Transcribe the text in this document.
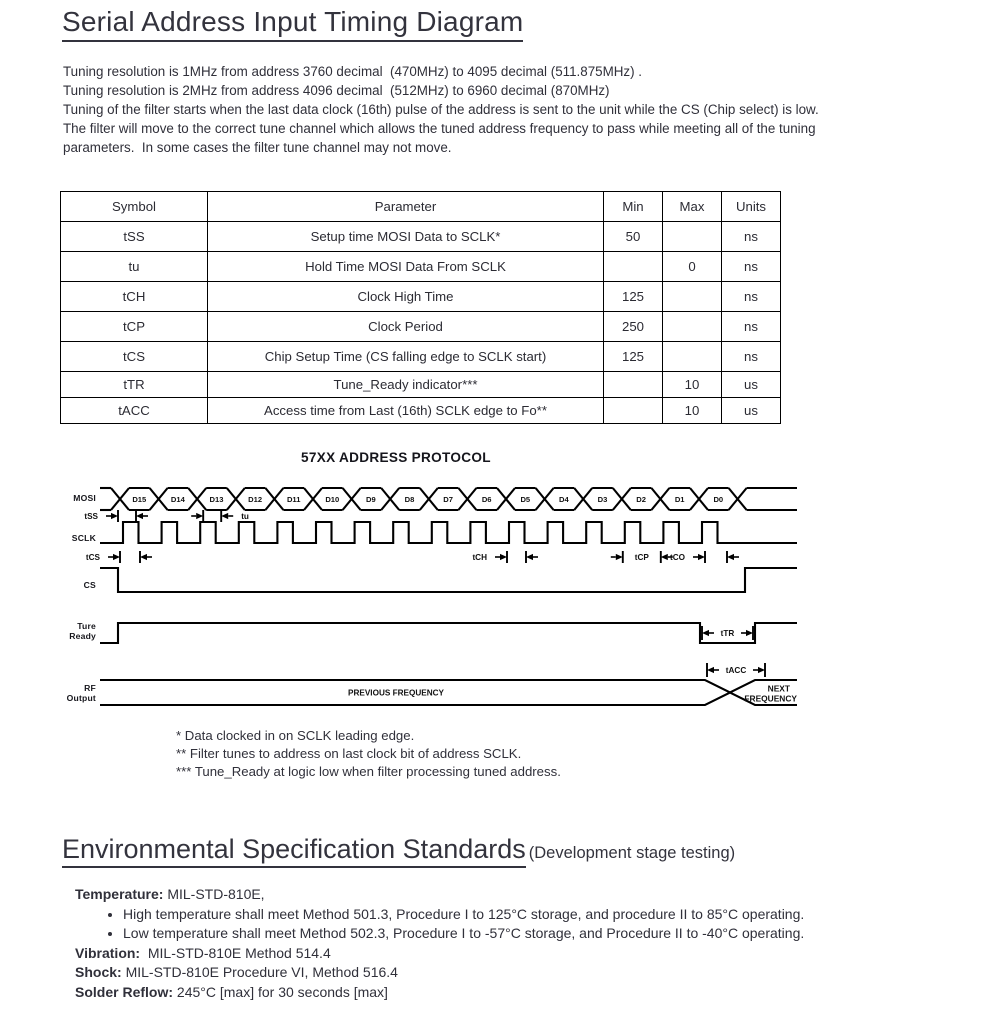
Serial Address Input Timing Diagram
Tuning resolution is 1MHz from address 3760 decimal  (470MHz) to 4095 decimal (511.875MHz) .
Tuning resolution is 2MHz from address 4096 decimal  (512MHz) to 6960 decimal (870MHz)
Tuning of the filter starts when the last data clock (16th) pulse of the address is sent to the unit while the CS (Chip select) is low.
The filter will move to the correct tune channel which allows the tuned address frequency to pass while meeting all of the tuning
parameters.  In some cases the filter tune channel may not move.
Symbol	Parameter	Min	Max	Units
tSS	Setup time MOSI Data to SCLK*	50		ns
tu	Hold Time MOSI Data From SCLK		0	ns
tCH	Clock High Time	125		ns
tCP	Clock Period	250		ns
tCS	Chip Setup Time (CS falling edge to SCLK start)	125		ns
tTR	Tune_Ready indicator***		10	us
tACC	Access time from Last (16th) SCLK edge to Fo**		10	us
57XX ADDRESS PROTOCOL
MOSI
SCLK
CS
Ture
Ready
RF
Output
D15	D14	D13	D12	D11	D10	D9	D8	D7	D6	D5	D4	D3	D2	D1	D0
PREVIOUS FREQUENCY	NEXT
FREQUENCY
tSS	tu
tCS	tCH	tCP	tCO
tTR
tACC
* Data clocked in on SCLK leading edge.
** Filter tunes to address on last clock bit of address SCLK.
*** Tune_Ready at logic low when filter processing tuned address.
Environmental Specification Standards (Development stage testing)
Temperature: MIL-STD-810E,
• High temperature shall meet Method 501.3, Procedure I to 125°C storage, and procedure II to 85°C operating.
• Low temperature shall meet Method 502.3, Procedure I to -57°C storage, and Procedure II to -40°C operating.
Vibration: MIL-STD-810E Method 514.4
Shock: MIL-STD-810E Procedure VI, Method 516.4
Solder Reflow: 245°C [max] for 30 seconds [max]
